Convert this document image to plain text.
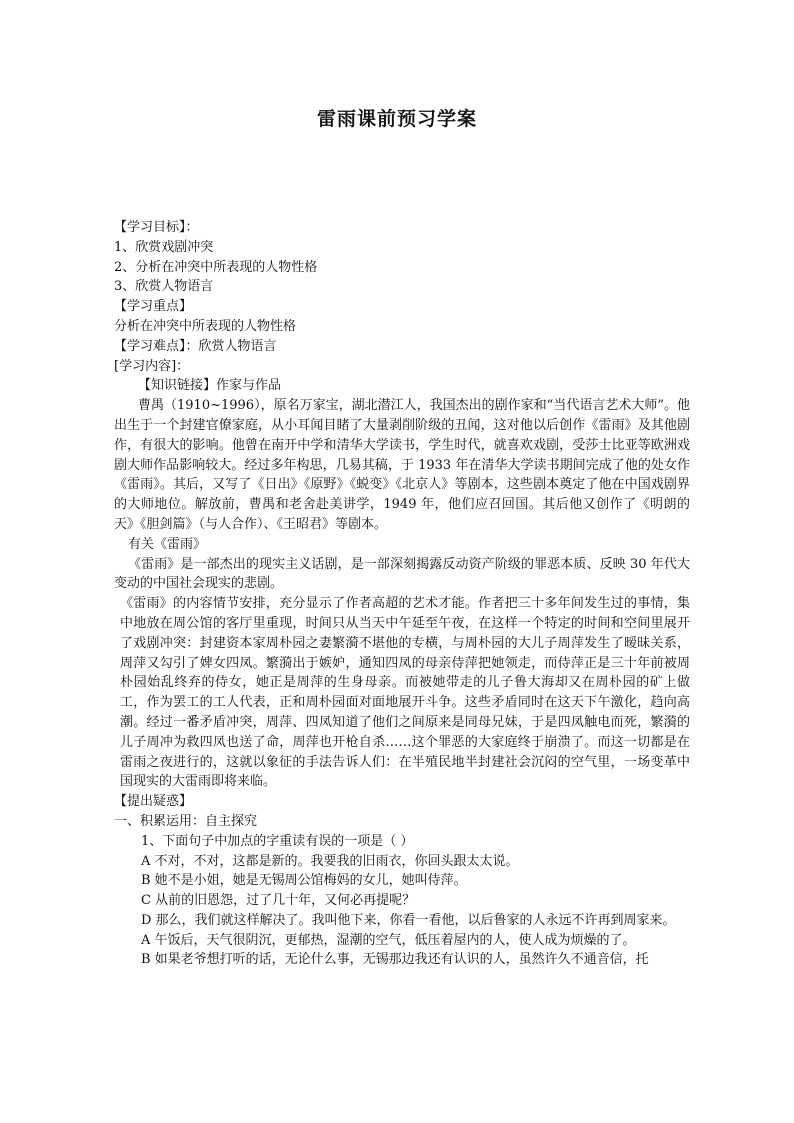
雷雨课前预习学案

【学习目标】：

1、欣赏戏剧冲突

2、分析在冲突中所表现的人物性格

3、欣赏人物语言

【学习重点】

分析在冲突中所表现的人物性格

【学习难点】：欣赏人物语言

[学习内容]：

【知识链接】作家与作品

曹禺（1910~1996），原名万家宝，湖北潜江人，我国杰出的剧作家和“当代语言艺术大师”。他出生于一个封建官僚家庭，从小耳闻目睹了大量剥削阶级的丑闻，这对他以后创作《雷雨》及其他剧作，有很大的影响。他曾在南开中学和清华大学读书，学生时代，就喜欢戏剧，受莎士比亚等欧洲戏剧大师作品影响较大。经过多年构思，几易其稿，于 1933 年在清华大学读书期间完成了他的处女作《雷雨》。其后，又写了《日出》《原野》《蜕变》《北京人》等剧本，这些剧本奠定了他在中国戏剧界的大师地位。解放前，曹禺和老舍赴美讲学，1949 年，他们应召回国。其后他又创作了《明朗的天》《胆剑篇》（与人合作）、《王昭君》等剧本。

有关《雷雨》

《雷雨》是一部杰出的现实主义话剧，是一部深刻揭露反动资产阶级的罪恶本质、反映 30 年代大变动的中国社会现实的悲剧。

《雷雨》的内容情节安排，充分显示了作者高超的艺术才能。作者把三十多年间发生过的事情，集中地放在周公馆的客厅里重现，时间只从当天中午延至午夜，在这样一个特定的时间和空间里展开了戏剧冲突：封建资本家周朴园之妻繁漪不堪他的专横，与周朴园的大儿子周萍发生了暧昧关系，周萍又勾引了婢女四凤。繁漪出于嫉妒，通知四凤的母亲侍萍把她领走，而侍萍正是三十年前被周朴园始乱终弃的侍女，她正是周萍的生身母亲。而被她带走的儿子鲁大海却又在周朴园的矿上做工，作为罢工的工人代表，正和周朴园面对面地展开斗争。这些矛盾同时在这天下午激化，趋向高潮。经过一番矛盾冲突，周萍、四凤知道了他们之间原来是同母兄妹，于是四凤触电而死，繁漪的儿子周冲为救四凤也送了命，周萍也开枪自杀……这个罪恶的大家庭终于崩溃了。而这一切都是在雷雨之夜进行的，这就以象征的手法告诉人们：在半殖民地半封建社会沉闷的空气里，一场变革中国现实的大雷雨即将来临。

【提出疑惑】

一、积累运用：自主探究

1、下面句子中加点的字重读有误的一项是（ ）

A 不对，不对，这都是新的。我要我的旧雨衣，你回头跟太太说。

B 她不是小姐，她是无锡周公馆梅妈的女儿，她叫侍萍。

C 从前的旧恩怨，过了几十年，又何必再提呢？

D 那么，我们就这样解决了。我叫他下来，你看一看他，以后鲁家的人永远不许再到周家来。

A 午饭后，天气很阴沉，更郁热，湿潮的空气，低压着屋内的人，使人成为烦燥的了。

B 如果老爷想打听的话，无论什么事，无锡那边我还有认识的人，虽然许久不通音信，托
